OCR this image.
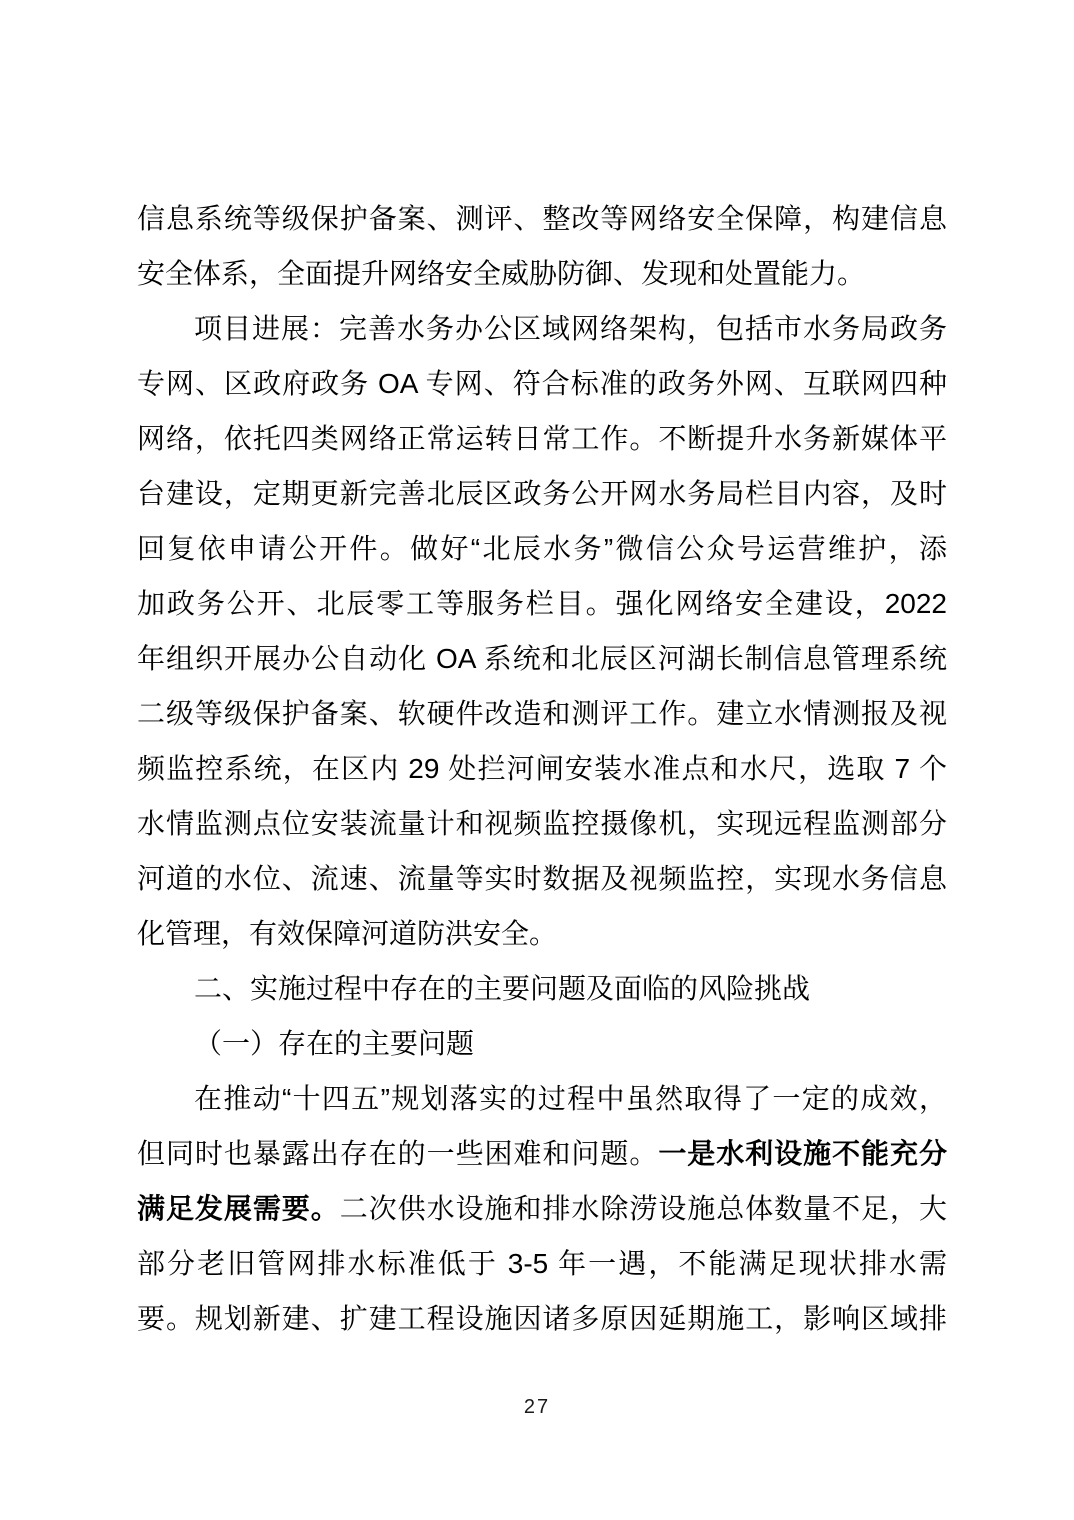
信息系统等级保护备案、测评、整改等网络安全保障，构建信息
安全体系，全面提升网络安全威胁防御、发现和处置能力。
项目进展：完善水务办公区域网络架构，包括市水务局政务
专网、区政府政务 OA 专网、符合标准的政务外网、互联网四种
网络，依托四类网络正常运转日常工作。不断提升水务新媒体平
台建设，定期更新完善北辰区政务公开网水务局栏目内容，及时
回复依申请公开件。做好“北辰水务”微信公众号运营维护，添
加政务公开、北辰零工等服务栏目。强化网络安全建设，2022
年组织开展办公自动化 OA 系统和北辰区河湖长制信息管理系统
二级等级保护备案、软硬件改造和测评工作。建立水情测报及视
频监控系统，在区内 29 处拦河闸安装水准点和水尺，选取 7 个
水情监测点位安装流量计和视频监控摄像机，实现远程监测部分
河道的水位、流速、流量等实时数据及视频监控，实现水务信息
化管理，有效保障河道防洪安全。
二、实施过程中存在的主要问题及面临的风险挑战
（一）存在的主要问题
在推动“十四五”规划落实的过程中虽然取得了一定的成效，
但同时也暴露出存在的一些困难和问题。一是水利设施不能充分
满足发展需要。二次供水设施和排水除涝设施总体数量不足，大
部分老旧管网排水标准低于 3-5 年一遇，不能满足现状排水需
要。规划新建、扩建工程设施因诸多原因延期施工，影响区域排
27
